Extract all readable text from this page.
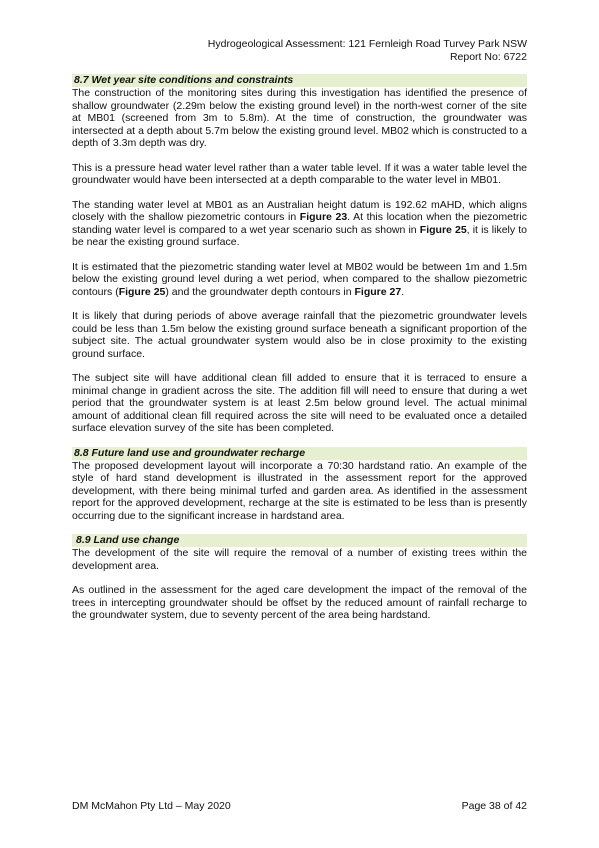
Hydrogeological Assessment: 121 Fernleigh Road Turvey Park NSW
Report No: 6722
8.7 Wet year site conditions and constraints

The construction of the monitoring sites during this investigation has identified the presence of shallow groundwater (2.29m below the existing ground level) in the north-west corner of the site at MB01 (screened from 3m to 5.8m). At the time of construction, the groundwater was intersected at a depth about 5.7m below the existing ground level. MB02 which is constructed to a depth of 3.3m depth was dry.

This is a pressure head water level rather than a water table level. If it was a water table level the groundwater would have been intersected at a depth comparable to the water level in MB01.

The standing water level at MB01 as an Australian height datum is 192.62 mAHD, which aligns closely with the shallow piezometric contours in Figure 23. At this location when the piezometric standing water level is compared to a wet year scenario such as shown in Figure 25, it is likely to be near the existing ground surface.

It is estimated that the piezometric standing water level at MB02 would be between 1m and 1.5m below the existing ground level during a wet period, when compared to the shallow piezometric contours (Figure 25) and the groundwater depth contours in Figure 27.

It is likely that during periods of above average rainfall that the piezometric groundwater levels could be less than 1.5m below the existing ground surface beneath a significant proportion of the subject site. The actual groundwater system would also be in close proximity to the existing ground surface.

The subject site will have additional clean fill added to ensure that it is terraced to ensure a minimal change in gradient across the site. The addition fill will need to ensure that during a wet period that the groundwater system is at least 2.5m below ground level. The actual minimal amount of additional clean fill required across the site will need to be evaluated once a detailed surface elevation survey of the site has been completed.

8.8 Future land use and groundwater recharge

The proposed development layout will incorporate a 70:30 hardstand ratio. An example of the style of hard stand development is illustrated in the assessment report for the approved development, with there being minimal turfed and garden area. As identified in the assessment report for the approved development, recharge at the site is estimated to be less than is presently occurring due to the significant increase in hardstand area.

8.9 Land use change

The development of the site will require the removal of a number of existing trees within the development area.

As outlined in the assessment for the aged care development the impact of the removal of the trees in intercepting groundwater should be offset by the reduced amount of rainfall recharge to the groundwater system, due to seventy percent of the area being hardstand.

DM McMahon Pty Ltd – May 2020	Page 38 of 42
